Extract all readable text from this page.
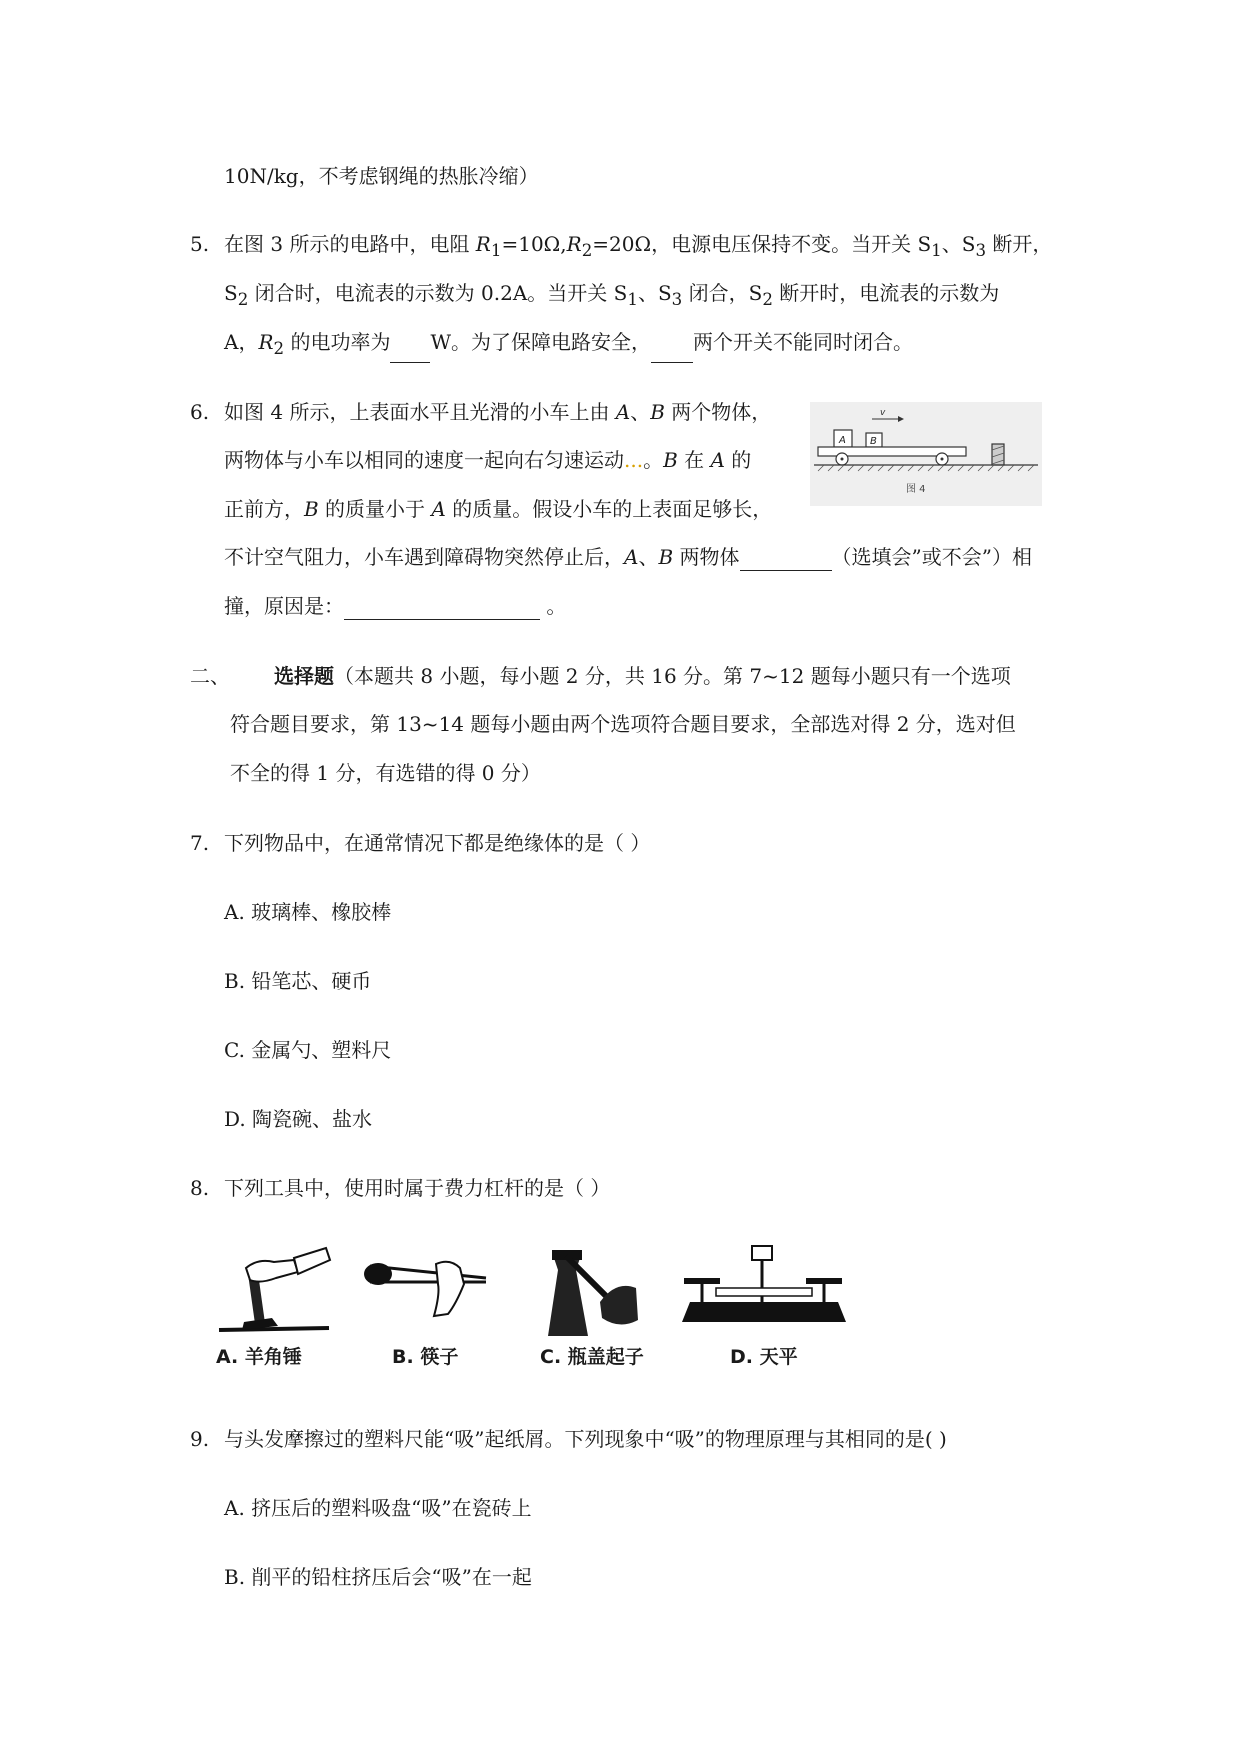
10N/kg，不考虑钢绳的热胀冷缩）
5. 在图 3 所示的电路中，电阻 $R_1=10\Omega,R_2=20\Omega$，电源电压保持不变。当开关 $S_1$、$S_3$ 断开，
$S_2$ 闭合时，电流表的示数为 0.2A。当开关 $S_1$、$S_3$ 闭合，$S_2$ 断开时，电流表的示数为
A，$R_2$ 的电功率为 W。为了保障电路安全， 两个开关不能同时闭合。
6. 如图 4 所示，上表面水平且光滑的小车上由 A、B 两个物体，
两物体与小车以相同的速度一起向右匀速运动...。B 在 A 的
正前方，B 的质量小于 A 的质量。假设小车的上表面足够长，
不计空气阻力，小车遇到障碍物突然停止后，A、B 两物体	（选填会”或不会”）相
撞，原因是：	。
v
A B
图 4
二、 选择题（本题共 8 小题，每小题 2 分，共 16 分。第 7~12 题每小题只有一个选项
符合题目要求，第 13~14 题每小题由两个选项符合题目要求，全部选对得 2 分，选对但
不全的得 1 分，有选错的得 0 分）
7. 下列物品中，在通常情况下都是绝缘体的是（ ）
A. 玻璃棒、橡胶棒
B. 铅笔芯、硬币
C. 金属勺、塑料尺
D. 陶瓷碗、盐水
8. 下列工具中，使用时属于费力杠杆的是（ ）
A. 羊角锤	B. 筷子	C. 瓶盖起子	D. 天平
9. 与头发摩擦过的塑料尺能“吸”起纸屑。下列现象中“吸”的物理原理与其相同的是( )
A. 挤压后的塑料吸盘“吸”在瓷砖上
B. 削平的铅柱挤压后会“吸”在一起
